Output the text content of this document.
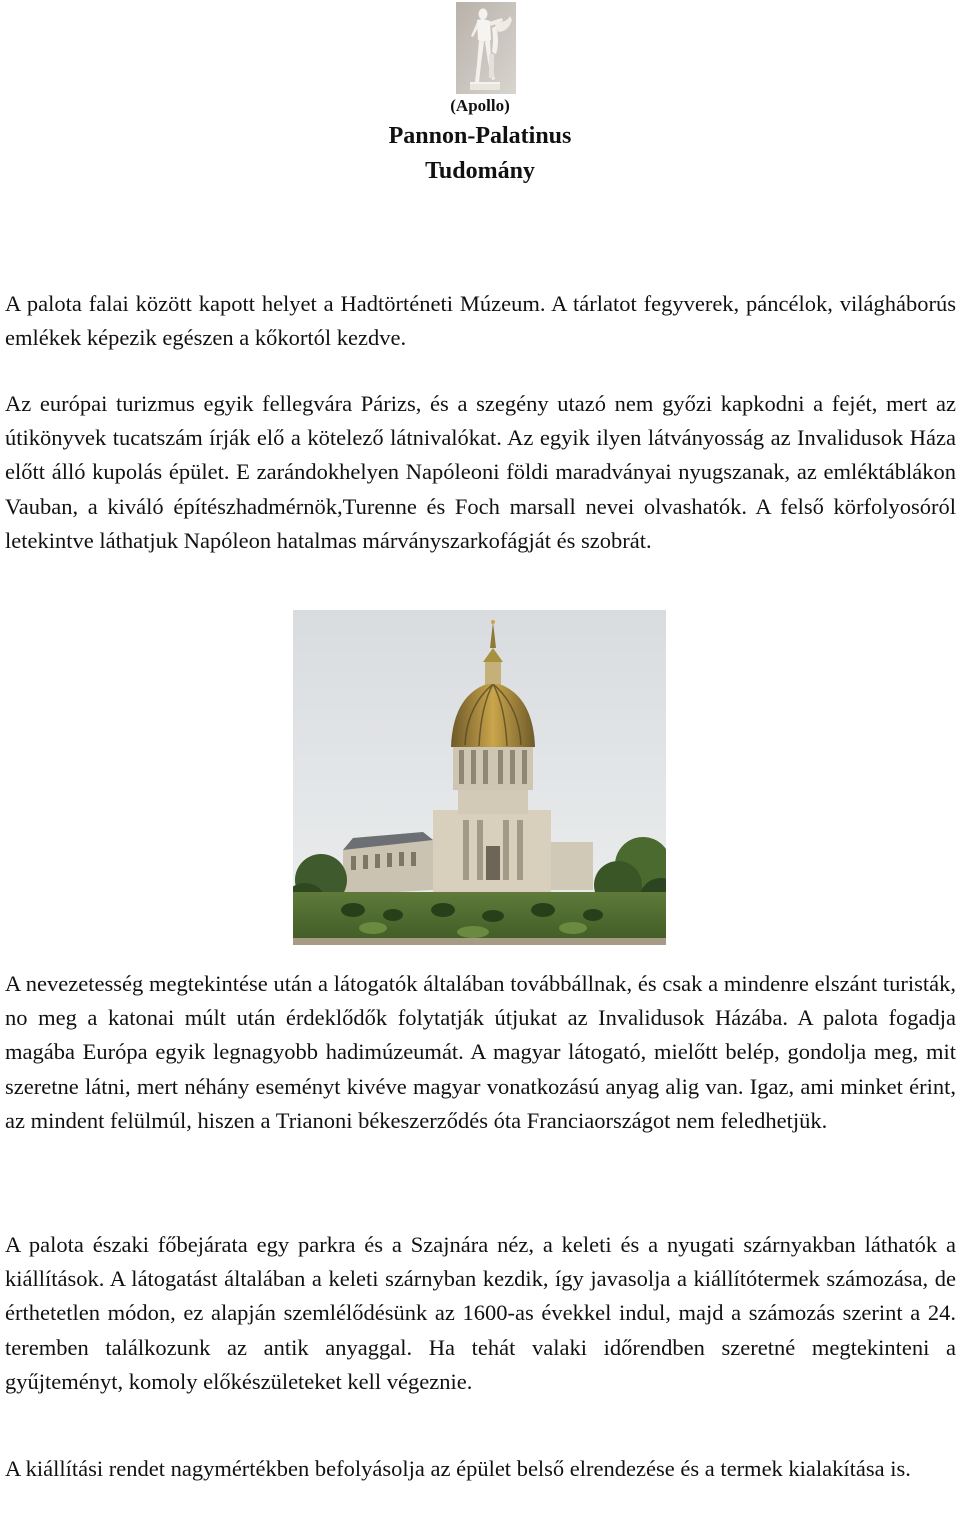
(Apollo)
Pannon-Palatinus
Tudomány

A palota falai között kapott helyet a Hadtörténeti Múzeum. A tárlatot fegyverek, páncélok, világháborús emlékek képezik egészen a kőkortól kezdve.

Az európai turizmus egyik fellegvára Párizs, és a szegény utazó nem győzi kapkodni a fejét, mert az útikönyvek tucatszám írják elő a kötelező látnivalókat. Az egyik ilyen látványosság az Invalidusok Háza előtt álló kupolás épület. E zarándokhelyen Napóleoni földi maradványai nyugszanak, az emléktáblákon Vauban, a kiváló építészhadmérnök,Turenne és Foch marsall nevei olvashatók. A felső körfolyosóról letekintve láthatjuk Napóleon hatalmas márványszarkofágját és szobrát.

A nevezetesség megtekintése után a látogatók általában továbbállnak, és csak a mindenre elszánt turisták, no meg a katonai múlt után érdeklődők folytatják útjukat az Invalidusok Házába. A palota fogadja magába Európa egyik legnagyobb hadimúzeumát. A magyar látogató, mielőtt belép, gondolja meg, mit szeretne látni, mert néhány eseményt kivéve magyar vonatkozású anyag alig van. Igaz, ami minket érint, az mindent felülmúl, hiszen a Trianoni békeszerződés óta Franciaországot nem feledhetjük.

A palota északi főbejárata egy parkra és a Szajnára néz, a keleti és a nyugati szárnyakban láthatók a kiállítások. A látogatást általában a keleti szárnyban kezdik, így javasolja a kiállítótermek számozása, de érthetetlen módon, ez alapján szemlélődésünk az 1600-as évekkel indul, majd a számozás szerint a 24. teremben találkozunk az antik anyaggal. Ha tehát valaki időrendben szeretné megtekinteni a gyűjteményt, komoly előkészületeket kell végeznie.

A kiállítási rendet nagymértékben befolyásolja az épület belső elrendezése és a termek kialakítása is.
